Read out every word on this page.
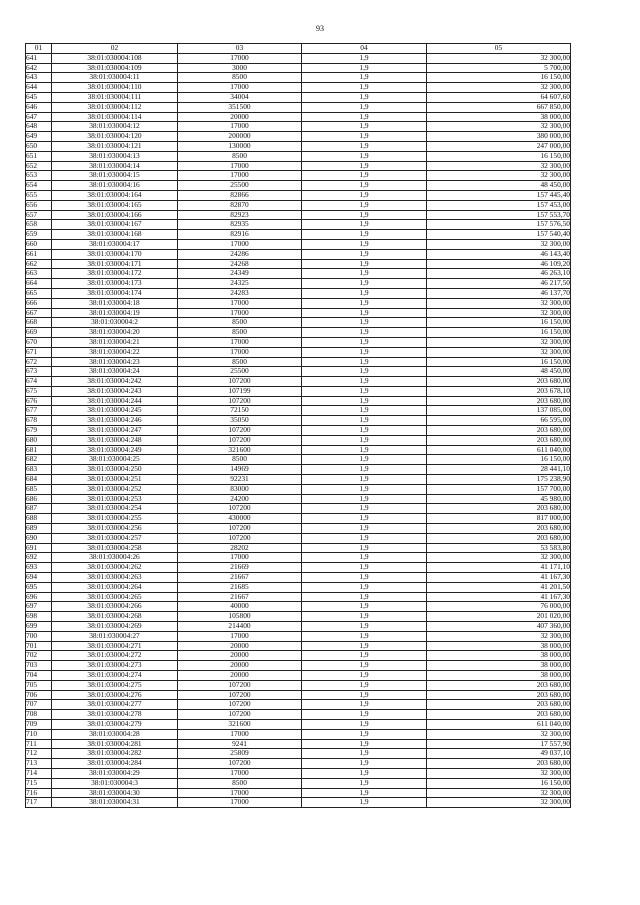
93
01	02	03	04	05
641	38:01:030004:108	17000	1,9	32 300,00
642	38:01:030004:109	3000	1,9	5 700,00
643	38:01:030004:11	8500	1,9	16 150,00
644	38:01:030004:110	17000	1,9	32 300,00
645	38:01:030004:111	34004	1,9	64 607,60
646	38:01:030004:112	351500	1,9	667 850,00
647	38:01:030004:114	20000	1,9	38 000,00
648	38:01:030004:12	17000	1,9	32 300,00
649	38:01:030004:120	200000	1,9	380 000,00
650	38:01:030004:121	130000	1,9	247 000,00
651	38:01:030004:13	8500	1,9	16 150,00
652	38:01:030004:14	17000	1,9	32 300,00
653	38:01:030004:15	17000	1,9	32 300,00
654	38:01:030004:16	25500	1,9	48 450,00
655	38:01:030004:164	82866	1,9	157 445,40
656	38:01:030004:165	82870	1,9	157 453,00
657	38:01:030004:166	82923	1,9	157 553,70
658	38:01:030004:167	82935	1,9	157 576,50
659	38:01:030004:168	82916	1,9	157 540,40
660	38:01:030004:17	17000	1,9	32 300,00
661	38:01:030004:170	24286	1,9	46 143,40
662	38:01:030004:171	24268	1,9	46 109,20
663	38:01:030004:172	24349	1,9	46 263,10
664	38:01:030004:173	24325	1,9	46 217,50
665	38:01:030004:174	24283	1,9	46 137,70
666	38:01:030004:18	17000	1,9	32 300,00
667	38:01:030004:19	17000	1,9	32 300,00
668	38:01:030004:2	8500	1,9	16 150,00
669	38:01:030004:20	8500	1,9	16 150,00
670	38:01:030004:21	17000	1,9	32 300,00
671	38:01:030004:22	17000	1,9	32 300,00
672	38:01:030004:23	8500	1,9	16 150,00
673	38:01:030004:24	25500	1,9	48 450,00
674	38:01:030004:242	107200	1,9	203 680,00
675	38:01:030004:243	107199	1,9	203 678,10
676	38:01:030004:244	107200	1,9	203 680,00
677	38:01:030004:245	72150	1,9	137 085,00
678	38:01:030004:246	35050	1,9	66 595,00
679	38:01:030004:247	107200	1,9	203 680,00
680	38:01:030004:248	107200	1,9	203 680,00
681	38:01:030004:249	321600	1,9	611 040,00
682	38:01:030004:25	8500	1,9	16 150,00
683	38:01:030004:250	14969	1,9	28 441,10
684	38:01:030004:251	92231	1,9	175 238,90
685	38:01:030004:252	83000	1,9	157 700,00
686	38:01:030004:253	24200	1,9	45 980,00
687	38:01:030004:254	107200	1,9	203 680,00
688	38:01:030004:255	430000	1,9	817 000,00
689	38:01:030004:256	107200	1,9	203 680,00
690	38:01:030004:257	107200	1,9	203 680,00
691	38:01:030004:258	28202	1,9	53 583,80
692	38:01:030004:26	17000	1,9	32 300,00
693	38:01:030004:262	21669	1,9	41 171,10
694	38:01:030004:263	21667	1,9	41 167,30
695	38:01:030004:264	21685	1,9	41 201,50
696	38:01:030004:265	21667	1,9	41 167,30
697	38:01:030004:266	40000	1,9	76 000,00
698	38:01:030004:268	105800	1,9	201 020,00
699	38:01:030004:269	214400	1,9	407 360,00
700	38:01:030004:27	17000	1,9	32 300,00
701	38:01:030004:271	20000	1,9	38 000,00
702	38:01:030004:272	20000	1,9	38 000,00
703	38:01:030004:273	20000	1,9	38 000,00
704	38:01:030004:274	20000	1,9	38 000,00
705	38:01:030004:275	107200	1,9	203 680,00
706	38:01:030004:276	107200	1,9	203 680,00
707	38:01:030004:277	107200	1,9	203 680,00
708	38:01:030004:278	107200	1,9	203 680,00
709	38:01:030004:279	321600	1,9	611 040,00
710	38:01:030004:28	17000	1,9	32 300,00
711	38:01:030004:281	9241	1,9	17 557,90
712	38:01:030004:282	25809	1,9	49 037,10
713	38:01:030004:284	107200	1,9	203 680,00
714	38:01:030004:29	17000	1,9	32 300,00
715	38:01:030004:3	8500	1,9	16 150,00
716	38:01:030004:30	17000	1,9	32 300,00
717	38:01:030004:31	17000	1,9	32 300,00
